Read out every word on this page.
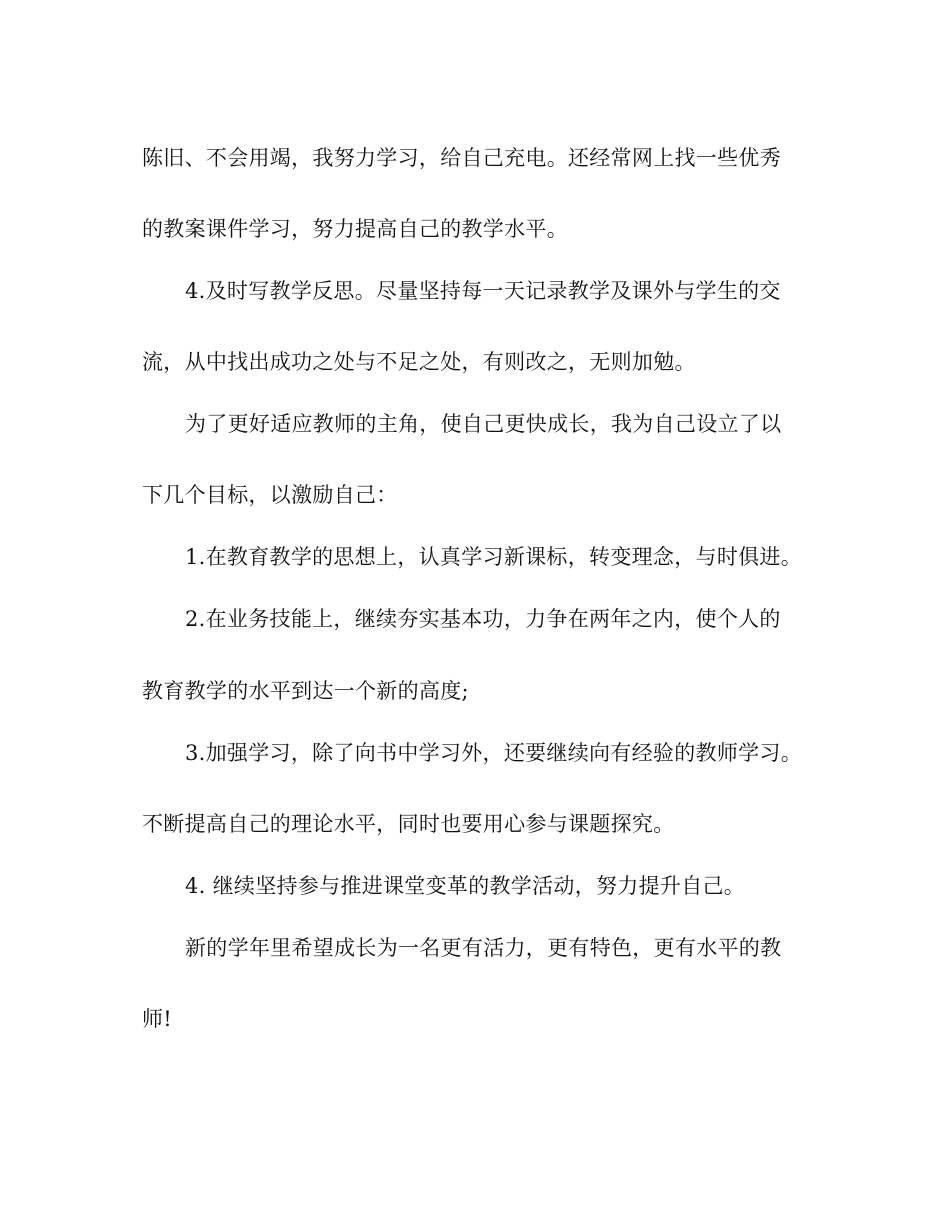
陈旧、不会用竭，我努力学习，给自己充电。还经常网上找一些优秀

的教案课件学习，努力提高自己的教学水平。

4.及时写教学反思。尽量坚持每一天记录教学及课外与学生的交

流，从中找出成功之处与不足之处，有则改之，无则加勉。

为了更好适应教师的主角，使自己更快成长，我为自己设立了以

下几个目标，以激励自己：

1.在教育教学的思想上，认真学习新课标，转变理念，与时俱进。

2.在业务技能上，继续夯实基本功，力争在两年之内，使个人的

教育教学的水平到达一个新的高度;

3.加强学习，除了向书中学习外，还要继续向有经验的教师学习。

不断提高自己的理论水平，同时也要用心参与课题探究。

4. 继续坚持参与推进课堂变革的教学活动，努力提升自己。

新的学年里希望成长为一名更有活力，更有特色，更有水平的教

师!
